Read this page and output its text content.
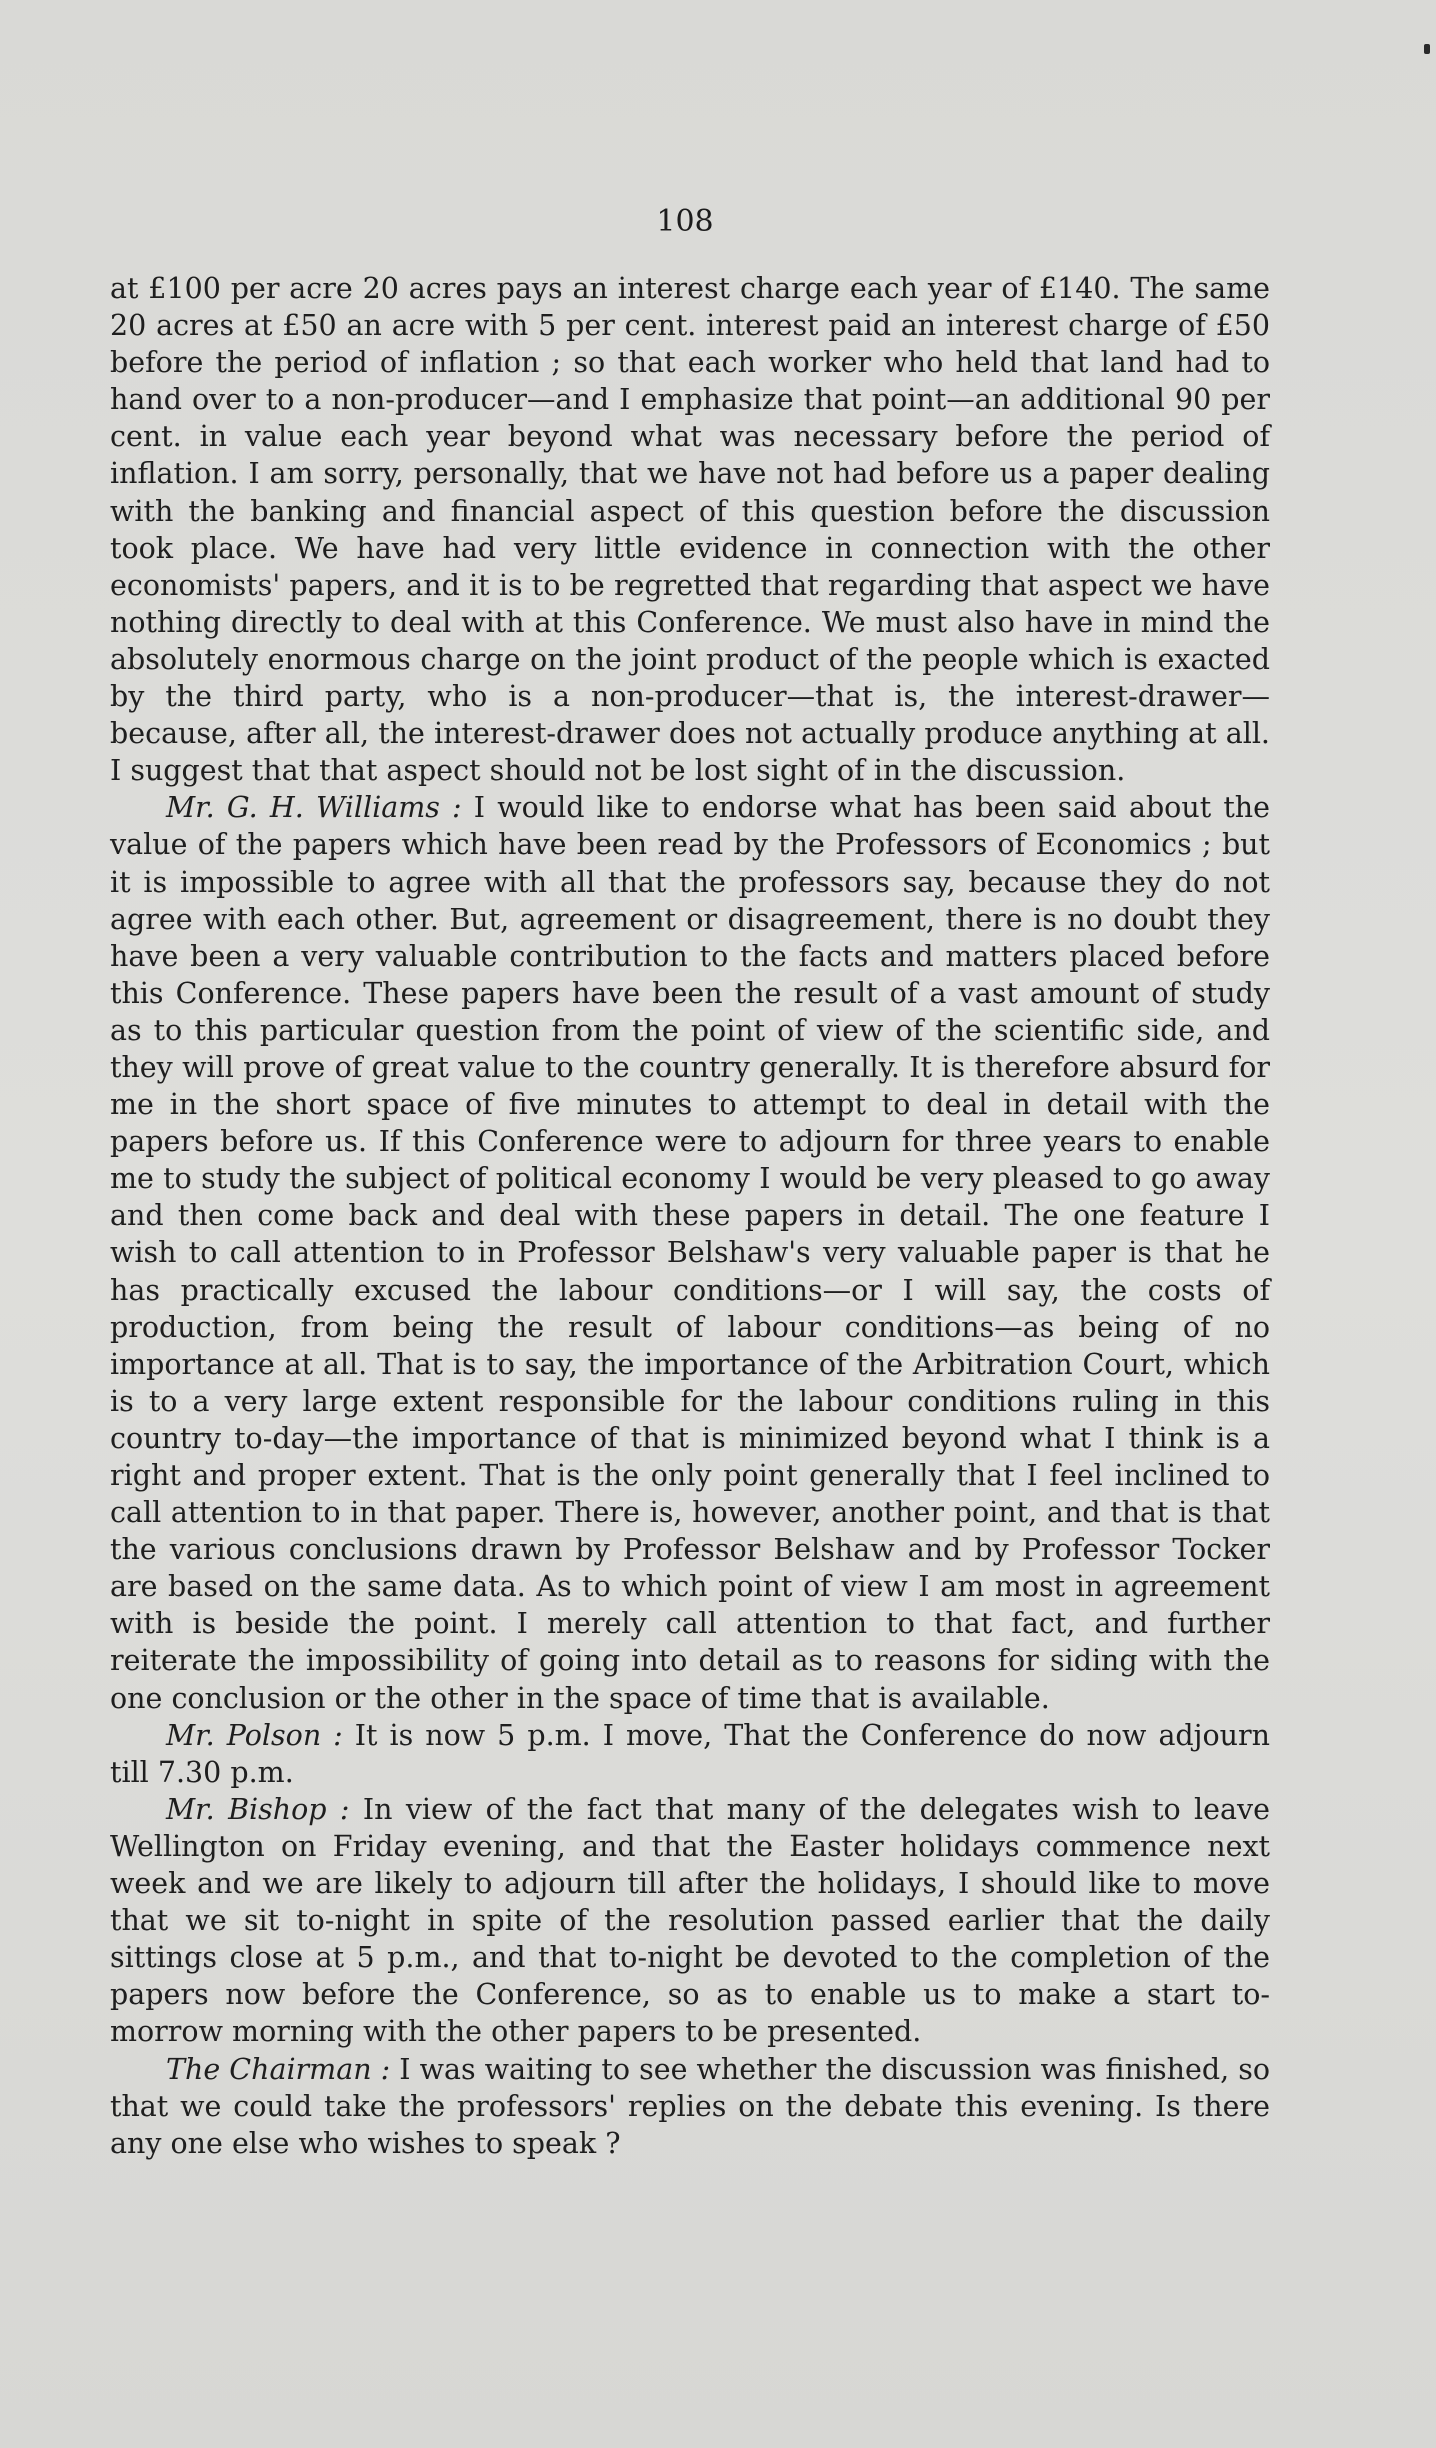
108

at £100 per acre 20 acres pays an interest charge each year of £140. The same 20 acres at £50 an acre with 5 per cent. interest paid an interest charge of £50 before the period of inflation ; so that each worker who held that land had to hand over to a non-producer—and I emphasize that point—an additional 90 per cent. in value each year beyond what was necessary before the period of inflation. I am sorry, personally, that we have not had before us a paper dealing with the banking and financial aspect of this question before the discussion took place. We have had very little evidence in connection with the other economists' papers, and it is to be regretted that regarding that aspect we have nothing directly to deal with at this Conference. We must also have in mind the absolutely enormous charge on the joint product of the people which is exacted by the third party, who is a non-producer—that is, the interest-drawer—because, after all, the interest-drawer does not actually produce anything at all. I suggest that that aspect should not be lost sight of in the discussion.

Mr. G. H. Williams : I would like to endorse what has been said about the value of the papers which have been read by the Professors of Economics ; but it is impossible to agree with all that the professors say, because they do not agree with each other. But, agreement or disagreement, there is no doubt they have been a very valuable contribution to the facts and matters placed before this Conference. These papers have been the result of a vast amount of study as to this particular question from the point of view of the scientific side, and they will prove of great value to the country generally. It is therefore absurd for me in the short space of five minutes to attempt to deal in detail with the papers before us. If this Conference were to adjourn for three years to enable me to study the subject of political economy I would be very pleased to go away and then come back and deal with these papers in detail. The one feature I wish to call attention to in Professor Belshaw's very valuable paper is that he has practically excused the labour conditions—or I will say, the costs of production, from being the result of labour conditions—as being of no importance at all. That is to say, the importance of the Arbitration Court, which is to a very large extent responsible for the labour conditions ruling in this country to-day—the importance of that is minimized beyond what I think is a right and proper extent. That is the only point generally that I feel inclined to call attention to in that paper. There is, however, another point, and that is that the various conclusions drawn by Professor Belshaw and by Professor Tocker are based on the same data. As to which point of view I am most in agreement with is beside the point. I merely call attention to that fact, and further reiterate the impossibility of going into detail as to reasons for siding with the one conclusion or the other in the space of time that is available.

Mr. Polson : It is now 5 p.m. I move, That the Conference do now adjourn till 7.30 p.m.

Mr. Bishop : In view of the fact that many of the delegates wish to leave Wellington on Friday evening, and that the Easter holidays commence next week and we are likely to adjourn till after the holidays, I should like to move that we sit to-night in spite of the resolution passed earlier that the daily sittings close at 5 p.m., and that to-night be devoted to the completion of the papers now before the Conference, so as to enable us to make a start to-morrow morning with the other papers to be presented.

The Chairman : I was waiting to see whether the discussion was finished, so that we could take the professors' replies on the debate this evening. Is there any one else who wishes to speak ?
